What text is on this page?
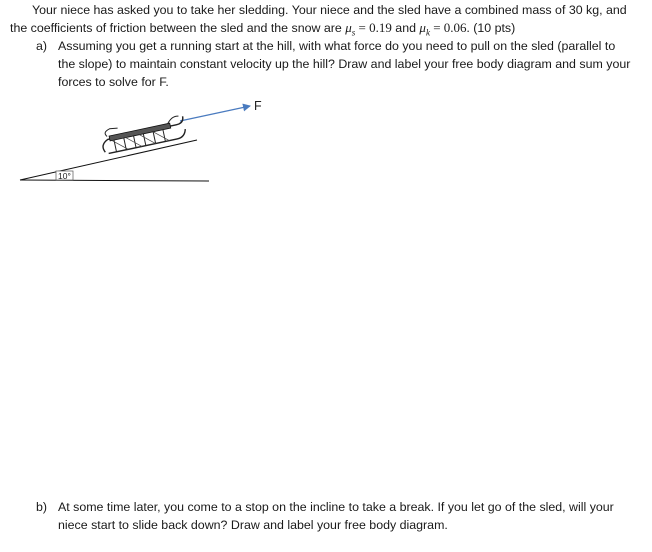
Your niece has asked you to take her sledding. Your niece and the sled have a combined mass of 30 kg, and the coefficients of friction between the sled and the snow are $\mu_s = 0.19$ and $\mu_k = 0.06$. (10 pts)
a) Assuming you get a running start at the hill, with what force do you need to pull on the sled (parallel to the slope) to maintain constant velocity up the hill? Draw and label your free body diagram and sum your forces to solve for F.
10°
F
b) At some time later, you come to a stop on the incline to take a break. If you let go of the sled, will your niece start to slide back down? Draw and label your free body diagram.
